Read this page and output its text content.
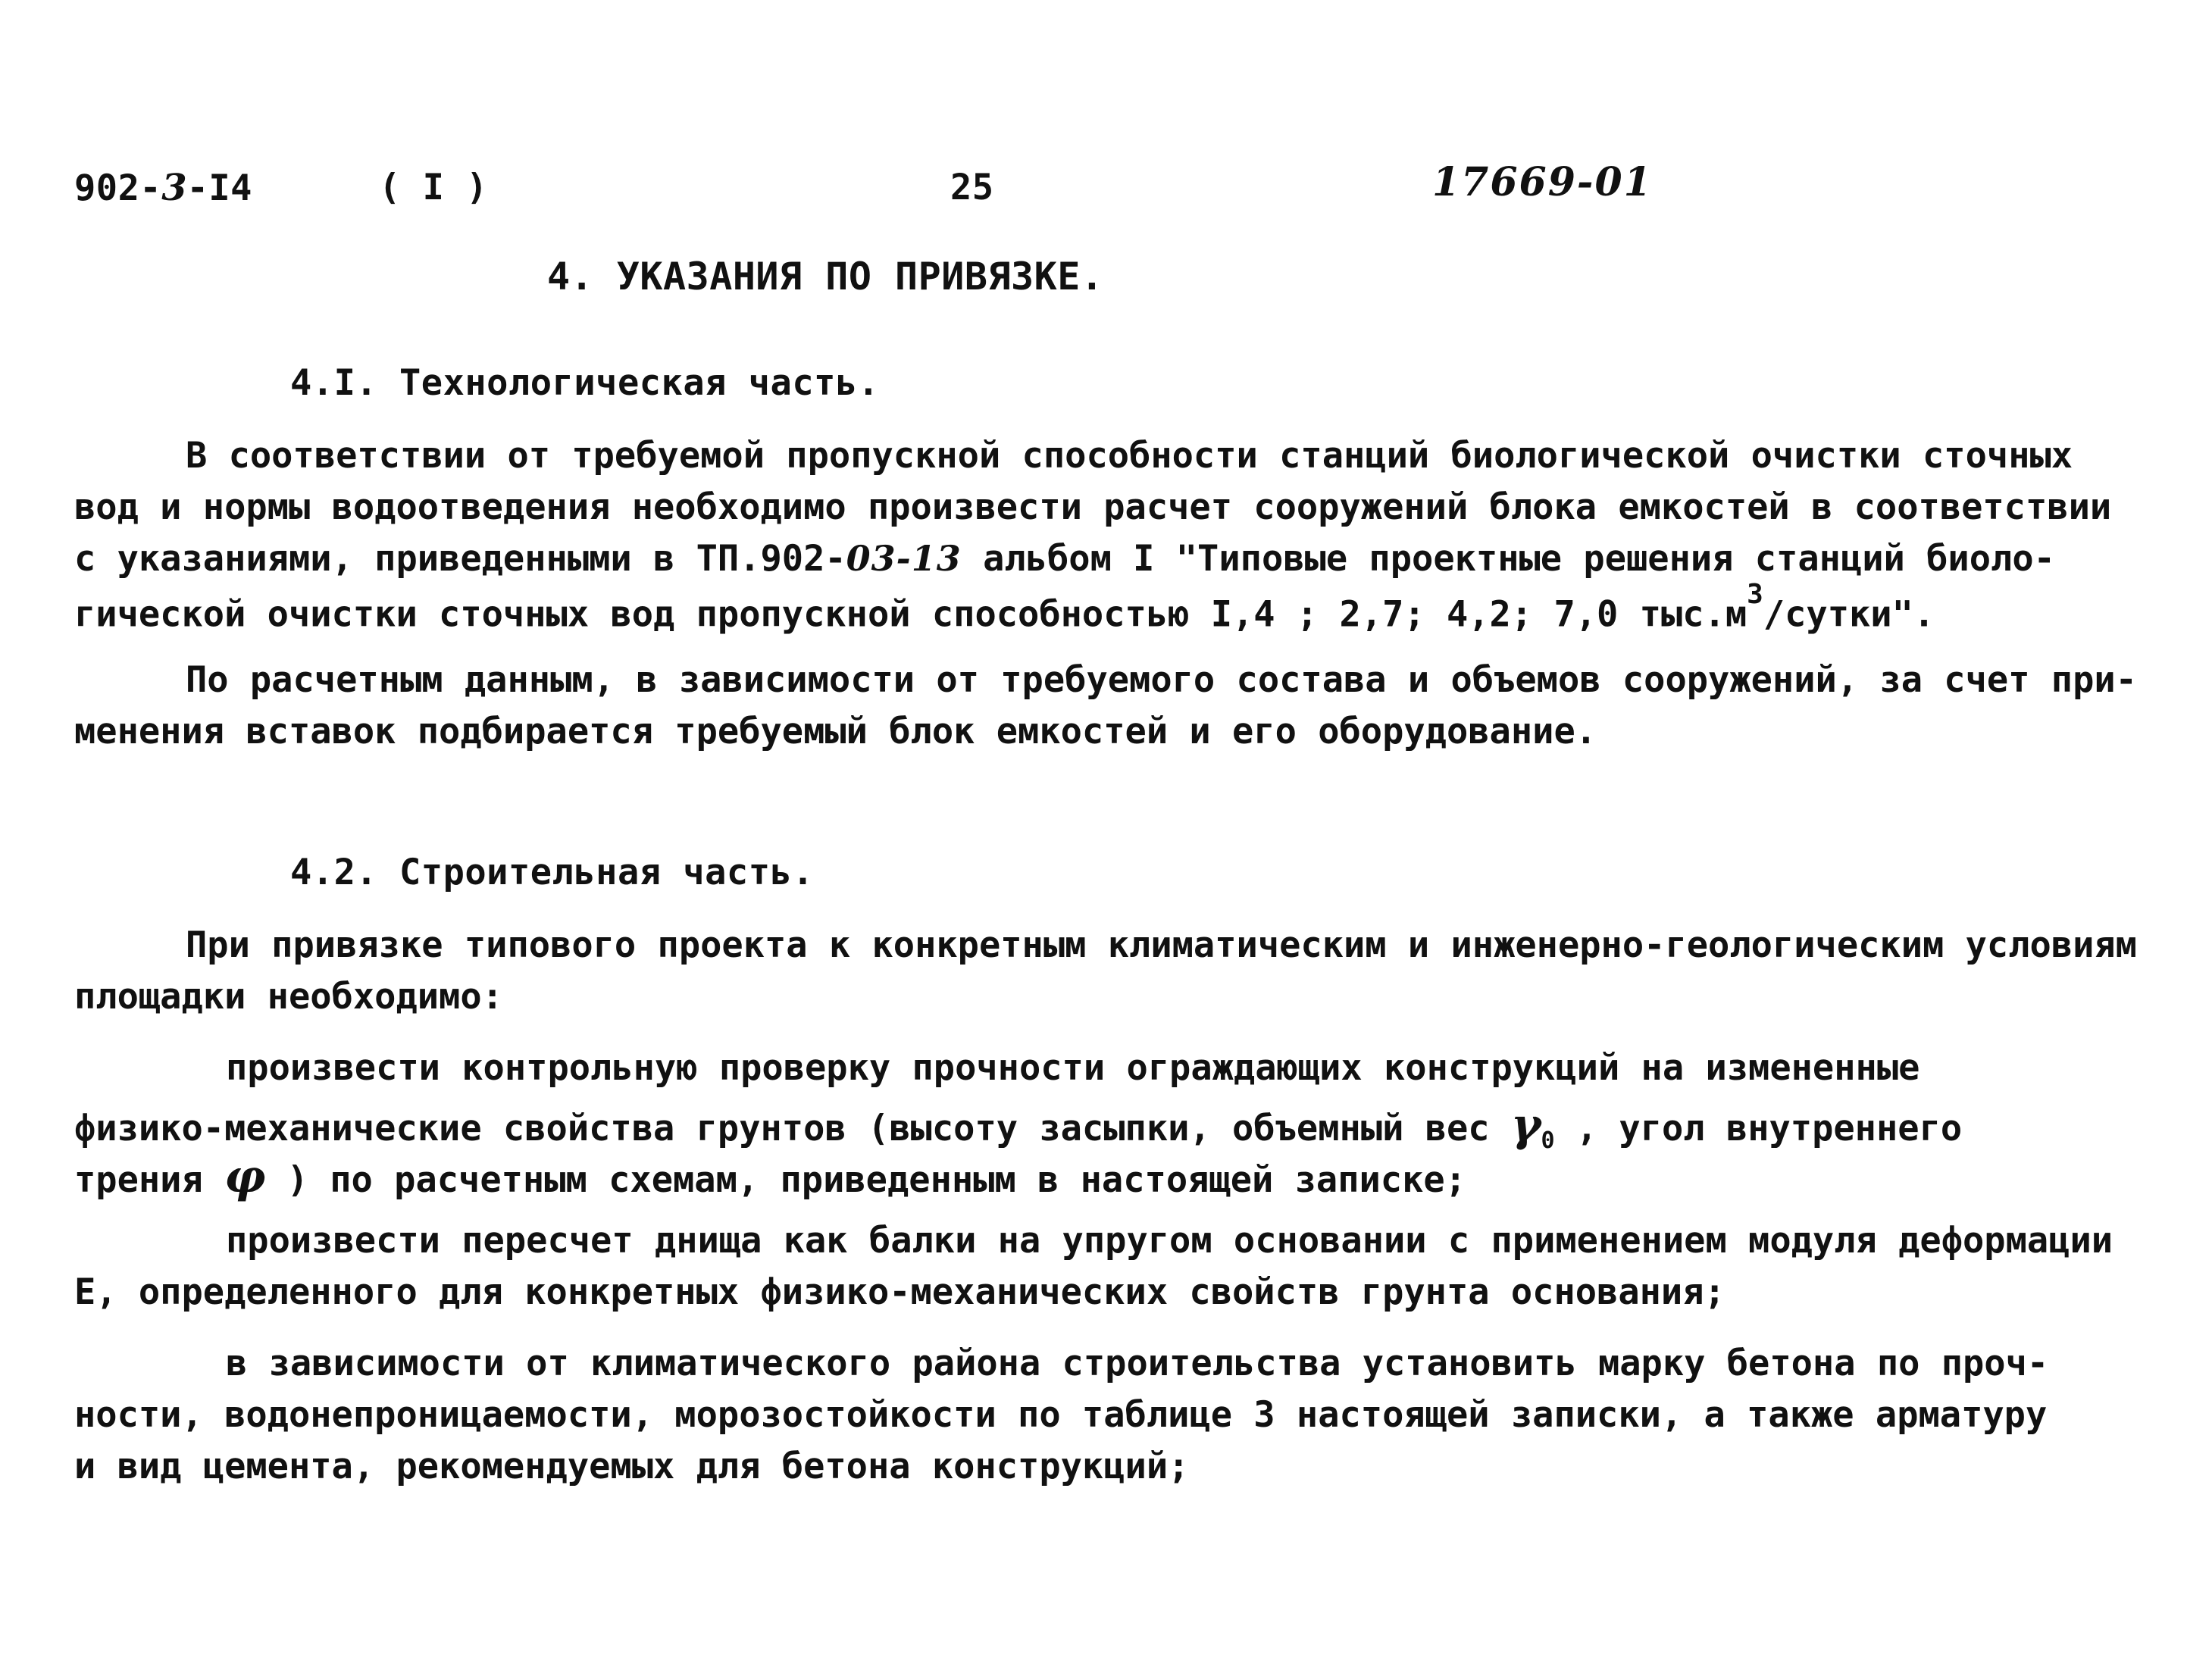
902-3-I4	( I )	25	17669-01
4. УКАЗАНИЯ ПО ПРИВЯЗКЕ.
4.I. Технологическая часть.
В соответствии от требуемой пропускной способности станций биологической очистки сточных
вод и нормы водоотведения необходимо произвести расчет сооружений блока емкостей в соответствии
с указаниями, приведенными в ТП.902-03-13 альбом I "Типовые проектные решения станций биоло-
гической очистки сточных вод пропускной способностью I,4 ; 2,7; 4,2; 7,0 $тыс.м^3$/сутки".
По расчетным данным, в зависимости от требуемого состава и объемов сооружений, за счет при-
менения вставок подбирается требуемый блок емкостей и его оборудование.
4.2. Строительная часть.
При привязке типового проекта к конкретным климатическим и инженерно-геологическим условиям
площадки необходимо:
произвести контрольную проверку прочности ограждающих конструкций на измененные
физико-механические свойства грунтов (высоту засыпки, объемный вес $\gamma_0$ , угол внутреннего
трения φ ) по расчетным схемам, приведенным в настоящей записке;
произвести пересчет днища как балки на упругом основании с применением модуля деформации
Е, определенного для конкретных физико-механических свойств грунта основания;
в зависимости от климатического района строительства установить марку бетона по проч-
ности, водонепроницаемости, морозостойкости по таблице 3 настоящей записки, а также арматуру
и вид цемента, рекомендуемых для бетона конструкций;
